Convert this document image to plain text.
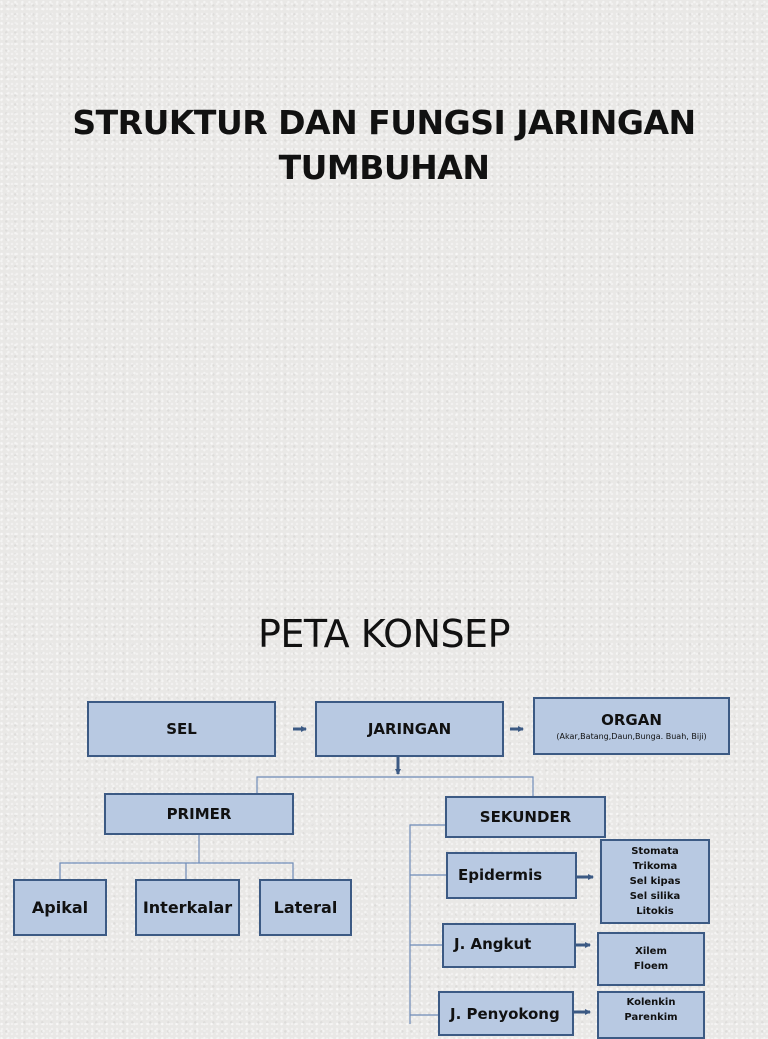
STRUKTUR DAN FUNGSI JARINGAN
TUMBUHAN
PETA KONSEP
SEL	JARINGAN	ORGAN
(Akar,Batang,Daun,Bunga. Buah, Biji)
PRIMER	SEKUNDER
Apikal	Interkalar	Lateral
Epidermis
J. Angkut
J. Penyokong
Stomata
Trikoma
Sel kipas
Sel silika
Litokis
Xilem
Floem
Kolenkin
Parenkim
